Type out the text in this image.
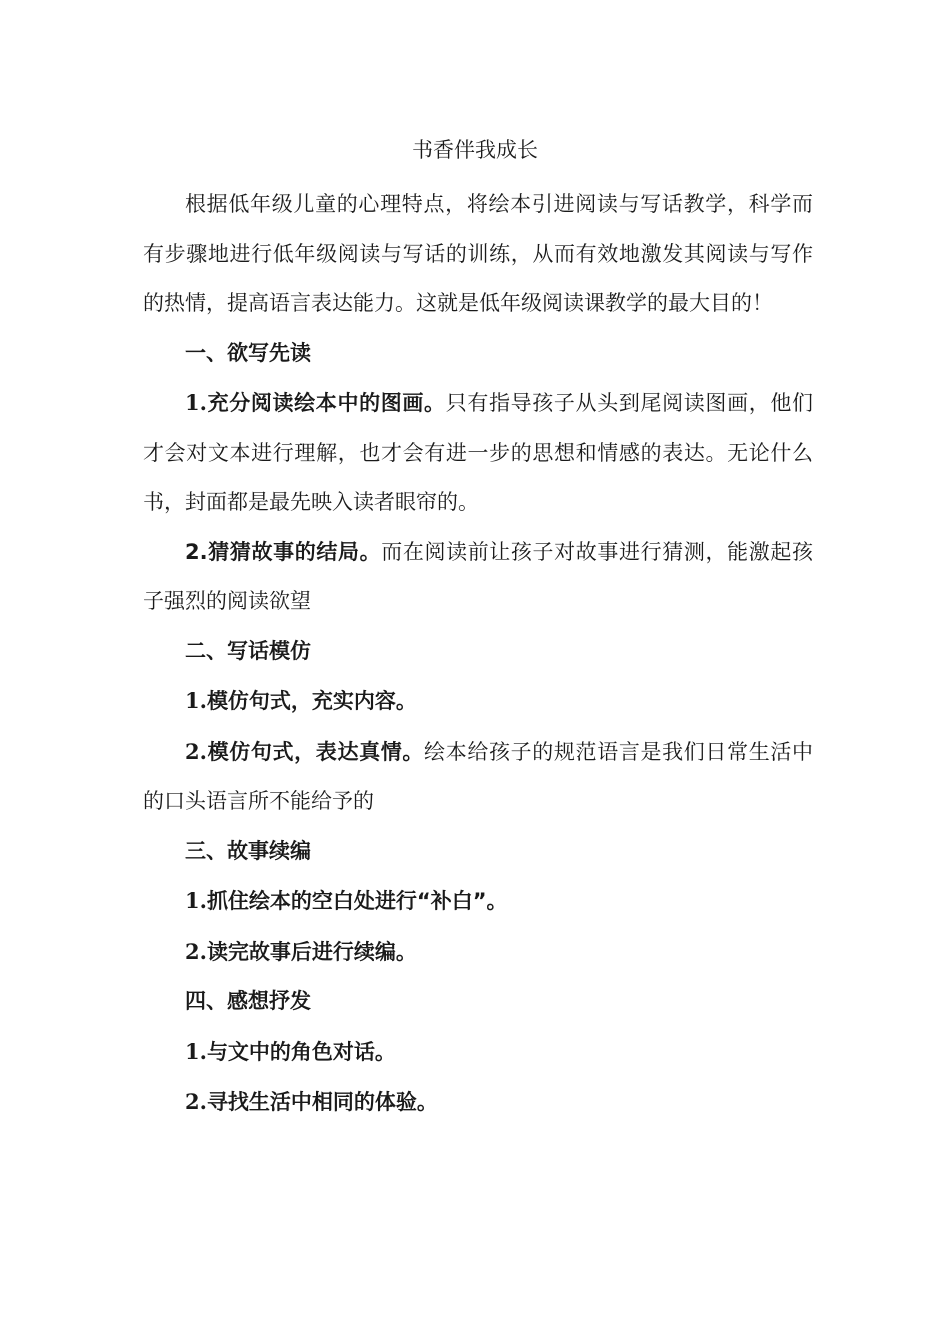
书香伴我成长

根据低年级儿童的心理特点，将绘本引进阅读与写话教学，科学而有步骤地进行低年级阅读与写话的训练，从而有效地激发其阅读与写作的热情，提高语言表达能力。这就是低年级阅读课教学的最大目的！

一、欲写先读

1.充分阅读绘本中的图画。只有指导孩子从头到尾阅读图画，他们才会对文本进行理解，也才会有进一步的思想和情感的表达。无论什么书，封面都是最先映入读者眼帘的。

2.猜猜故事的结局。而在阅读前让孩子对故事进行猜测，能激起孩子强烈的阅读欲望

二、写话模仿

1.模仿句式，充实内容。

2.模仿句式，表达真情。绘本给孩子的规范语言是我们日常生活中的口头语言所不能给予的

三、故事续编

1.抓住绘本的空白处进行“补白”。

2.读完故事后进行续编。

四、感想抒发

1.与文中的角色对话。

2.寻找生活中相同的体验。
